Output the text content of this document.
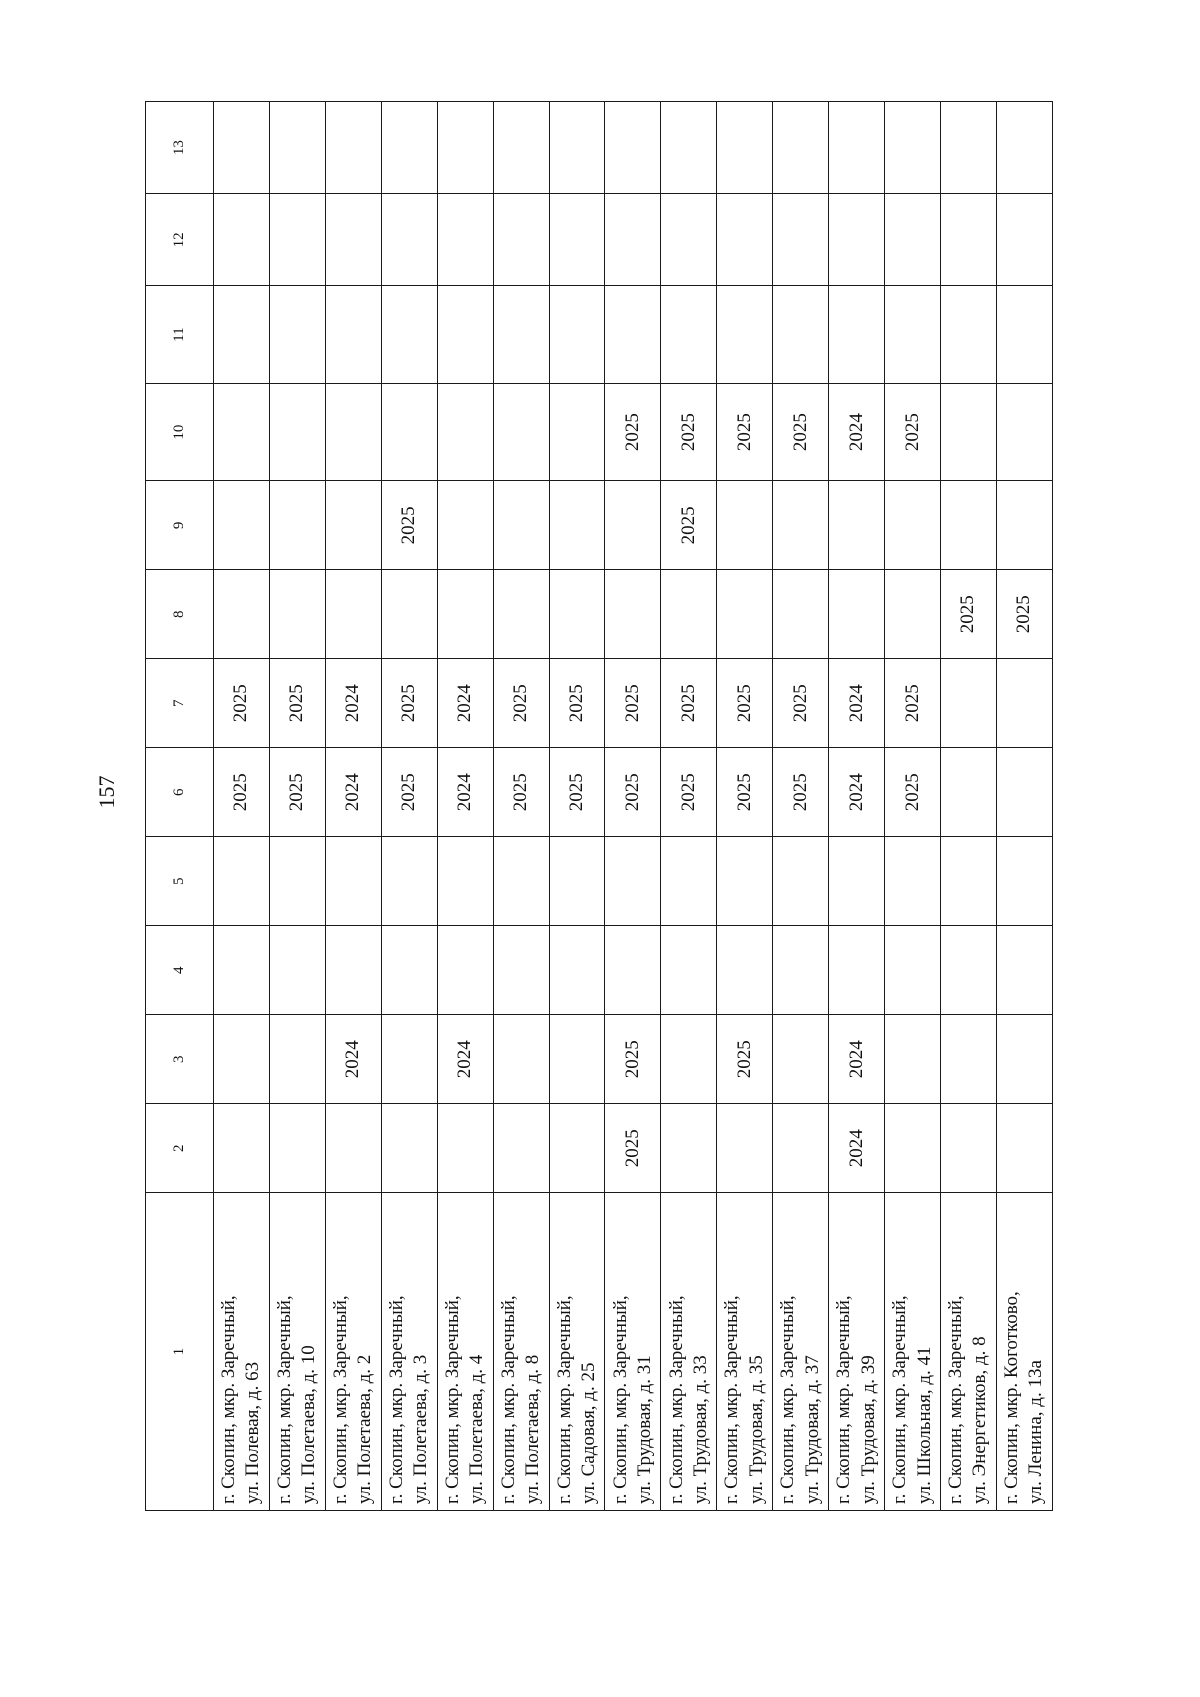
157
1	2	3	4	5	6	7	8	9	10	11	12	13

г. Скопин, мкр. Заречный, ул. Полевая, д. 63					2025	2025						

г. Скопин, мкр. Заречный, ул. Полетаева, д. 10					2025	2025						

г. Скопин, мкр. Заречный, ул. Полетаева, д. 2		2024			2024	2024						

г. Скопин, мкр. Заречный, ул. Полетаева, д. 3					2025	2025		2025				

г. Скопин, мкр. Заречный, ул. Полетаева, д. 4		2024			2024	2024						

г. Скопин, мкр. Заречный, ул. Полетаева, д. 8					2025	2025						

г. Скопин, мкр. Заречный, ул. Садовая, д. 25					2025	2025						

г. Скопин, мкр. Заречный, ул. Трудовая, д. 31	2025	2025			2025	2025			2025			

г. Скопин, мкр. Заречный, ул. Трудовая, д. 33					2025	2025		2025	2025			

г. Скопин, мкр. Заречный, ул. Трудовая, д. 35		2025			2025	2025			2025			

г. Скопин, мкр. Заречный, ул. Трудовая, д. 37					2025	2025			2025			

г. Скопин, мкр. Заречный, ул. Трудовая, д. 39	2024	2024			2024	2024			2024			

г. Скопин, мкр. Заречный, ул. Школьная, д. 41					2025	2025			2025			

г. Скопин, мкр. Заречный, ул. Энергетиков, д. 8							2025					

г. Скопин, мкр. Коготково, ул. Ленина, д. 13а							2025					
